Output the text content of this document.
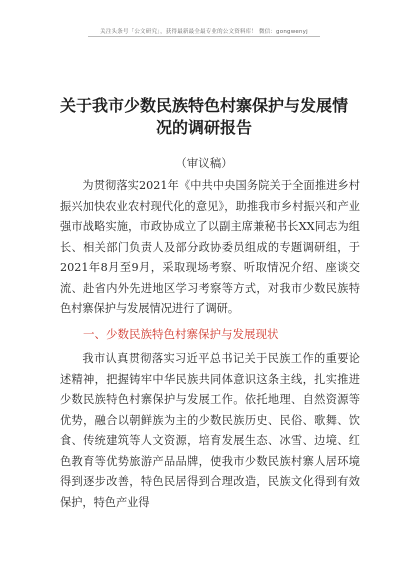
关注头条号「公文研究」，获得最新最全最专业的公文资料库！ 微信：gongwenyj
关于我市少数民族特色村寨保护与发展情况的调研报告
（审议稿）
为贯彻落实2021年《中共中央国务院关于全面推进乡村振兴加快农业农村现代化的意见》，助推我市乡村振兴和产业强市战略实施，市政协成立了以副主席兼秘书长XX同志为组长、相关部门负责人及部分政协委员组成的专题调研组，于2021年8月至9月，采取现场考察、听取情况介绍、座谈交流、赴省内外先进地区学习考察等方式，对我市少数民族特色村寨保护与发展情况进行了调研。
一、少数民族特色村寨保护与发展现状
我市认真贯彻落实习近平总书记关于民族工作的重要论述精神，把握铸牢中华民族共同体意识这条主线，扎实推进少数民族特色村寨保护与发展工作。依托地理、自然资源等优势，融合以朝鲜族为主的少数民族历史、民俗、歌舞、饮食、传统建筑等人文资源，培育发展生态、冰雪、边境、红色教育等优势旅游产品品牌，使我市少数民族村寨人居环境得到逐步改善，特色民居得到合理改造，民族文化得到有效保护，特色产业得
